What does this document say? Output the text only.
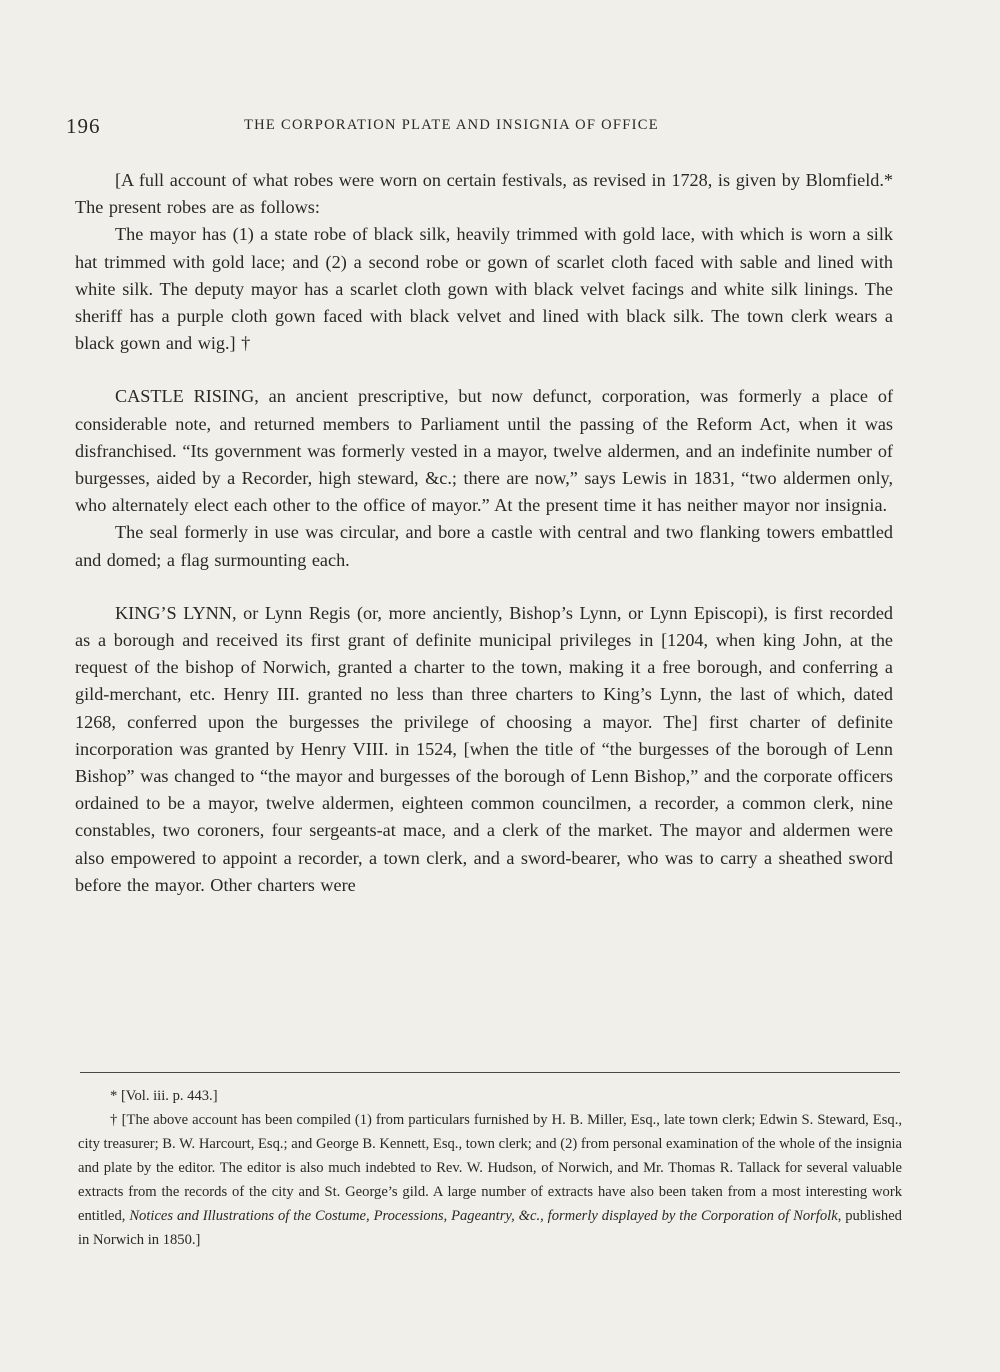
196	THE CORPORATION PLATE AND INSIGNIA OF OFFICE

[A full account of what robes were worn on certain festivals, as revised in 1728, is given by Blomfield.* The present robes are as follows:

The mayor has (1) a state robe of black silk, heavily trimmed with gold lace, with which is worn a silk hat trimmed with gold lace; and (2) a second robe or gown of scarlet cloth faced with sable and lined with white silk. The deputy mayor has a scarlet cloth gown with black velvet facings and white silk linings. The sheriff has a purple cloth gown faced with black velvet and lined with black silk. The town clerk wears a black gown and wig.] †

CASTLE RISING, an ancient prescriptive, but now defunct, corporation, was formerly a place of considerable note, and returned members to Parliament until the passing of the Reform Act, when it was disfranchised. “Its government was formerly vested in a mayor, twelve aldermen, and an indefinite number of burgesses, aided by a Recorder, high steward, &c.; there are now,” says Lewis in 1831, “two aldermen only, who alternately elect each other to the office of mayor.” At the present time it has neither mayor nor insignia.

The seal formerly in use was circular, and bore a castle with central and two flanking towers embattled and domed; a flag surmounting each.

KING’S LYNN, or Lynn Regis (or, more anciently, Bishop’s Lynn, or Lynn Episcopi), is first recorded as a borough and received its first grant of definite municipal privileges in [1204, when king John, at the request of the bishop of Norwich, granted a charter to the town, making it a free borough, and conferring a gild-merchant, etc. Henry III. granted no less than three charters to King’s Lynn, the last of which, dated 1268, conferred upon the burgesses the privilege of choosing a mayor. The] first charter of definite incorporation was granted by Henry VIII. in 1524, [when the title of “the burgesses of the borough of Lenn Bishop” was changed to “the mayor and burgesses of the borough of Lenn Bishop,” and the corporate officers ordained to be a mayor, twelve aldermen, eighteen common councilmen, a recorder, a common clerk, nine constables, two coroners, four sergeants-at mace, and a clerk of the market. The mayor and aldermen were also empowered to appoint a recorder, a town clerk, and a sword-bearer, who was to carry a sheathed sword before the mayor. Other charters were

* [Vol. iii. p. 443.]

† [The above account has been compiled (1) from particulars furnished by H. B. Miller, Esq., late town clerk; Edwin S. Steward, Esq., city treasurer; B. W. Harcourt, Esq.; and George B. Kennett, Esq., town clerk; and (2) from personal examination of the whole of the insignia and plate by the editor. The editor is also much indebted to Rev. W. Hudson, of Norwich, and Mr. Thomas R. Tallack for several valuable extracts from the records of the city and St. George’s gild. A large number of extracts have also been taken from a most interesting work entitled, Notices and Illustrations of the Costume, Processions, Pageantry, &c., formerly displayed by the Corporation of Norfolk, published in Norwich in 1850.]
